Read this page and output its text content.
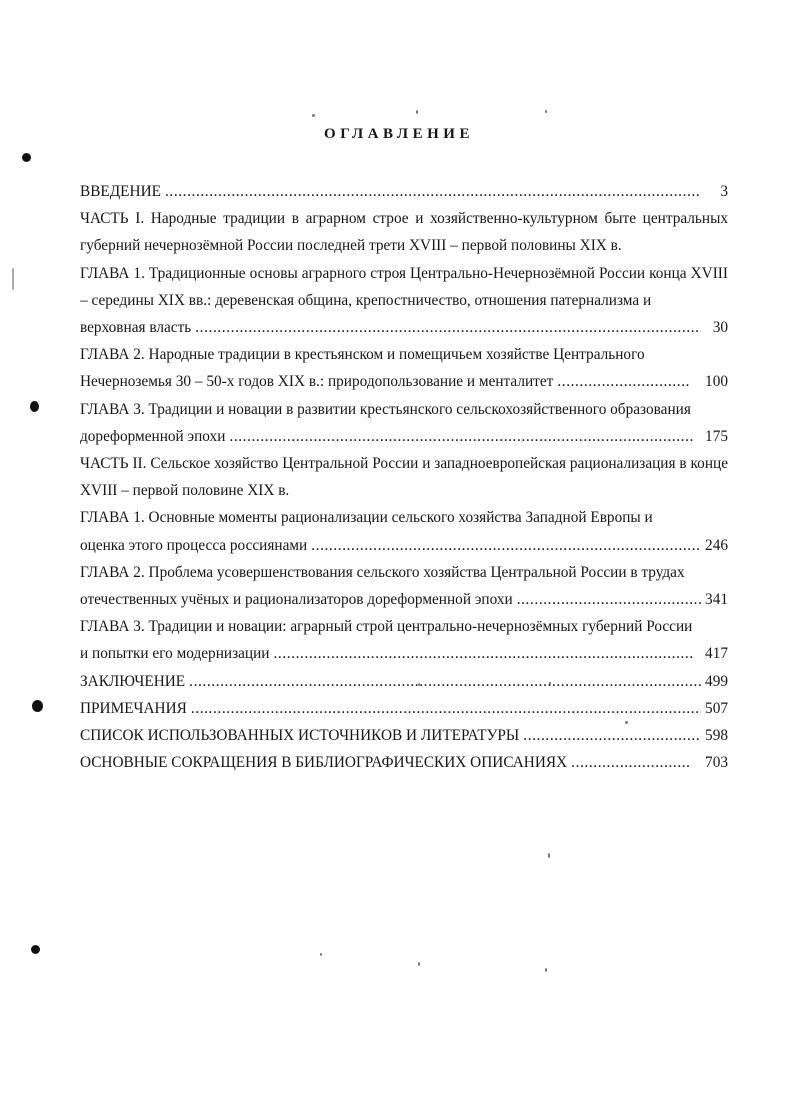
ОГЛАВЛЕНИЕ
ВВЕДЕНИЕ .....	3
ЧАСТЬ I. Народные традиции в аграрном строе и хозяйственно-культурном быте центральных губерний нечернозёмной России последней трети XVIII – первой половины XIX в.
ГЛАВА 1. Традиционные основы аграрного строя Центрально-Нечернозёмной России конца XVIII – середины XIX вв.: деревенская община, крепостничество, отношения патернализма и
верховная власть .....	30
ГЛАВА 2. Народные традиции в крестьянском и помещичьем хозяйстве Центрального
Нечерноземья 30 – 50-х годов XIX в.: природопользование и менталитет .....	100
ГЛАВА 3. Традиции и новации в развитии крестьянского сельскохозяйственного образования
дореформенной эпохи .....	175
ЧАСТЬ II. Сельское хозяйство Центральной России и западноевропейская рационализация в конце XVIII – первой половине XIX в.
ГЛАВА 1. Основные моменты рационализации сельского хозяйства Западной Европы и
оценка этого процесса россиянами .....	246
ГЛАВА 2. Проблема усовершенствования сельского хозяйства Центральной России в трудах
отечественных учёных и рационализаторов дореформенной эпохи .....	341
ГЛАВА 3. Традиции и новации: аграрный строй центрально-нечернозёмных губерний России
и попытки его модернизации .....	417
ЗАКЛЮЧЕНИЕ .....	499
ПРИМЕЧАНИЯ .....	507
СПИСОК ИСПОЛЬЗОВАННЫХ ИСТОЧНИКОВ И ЛИТЕРАТУРЫ .....	598
ОСНОВНЫЕ СОКРАЩЕНИЯ В БИБЛИОГРАФИЧЕСКИХ ОПИСАНИЯХ .....	703
